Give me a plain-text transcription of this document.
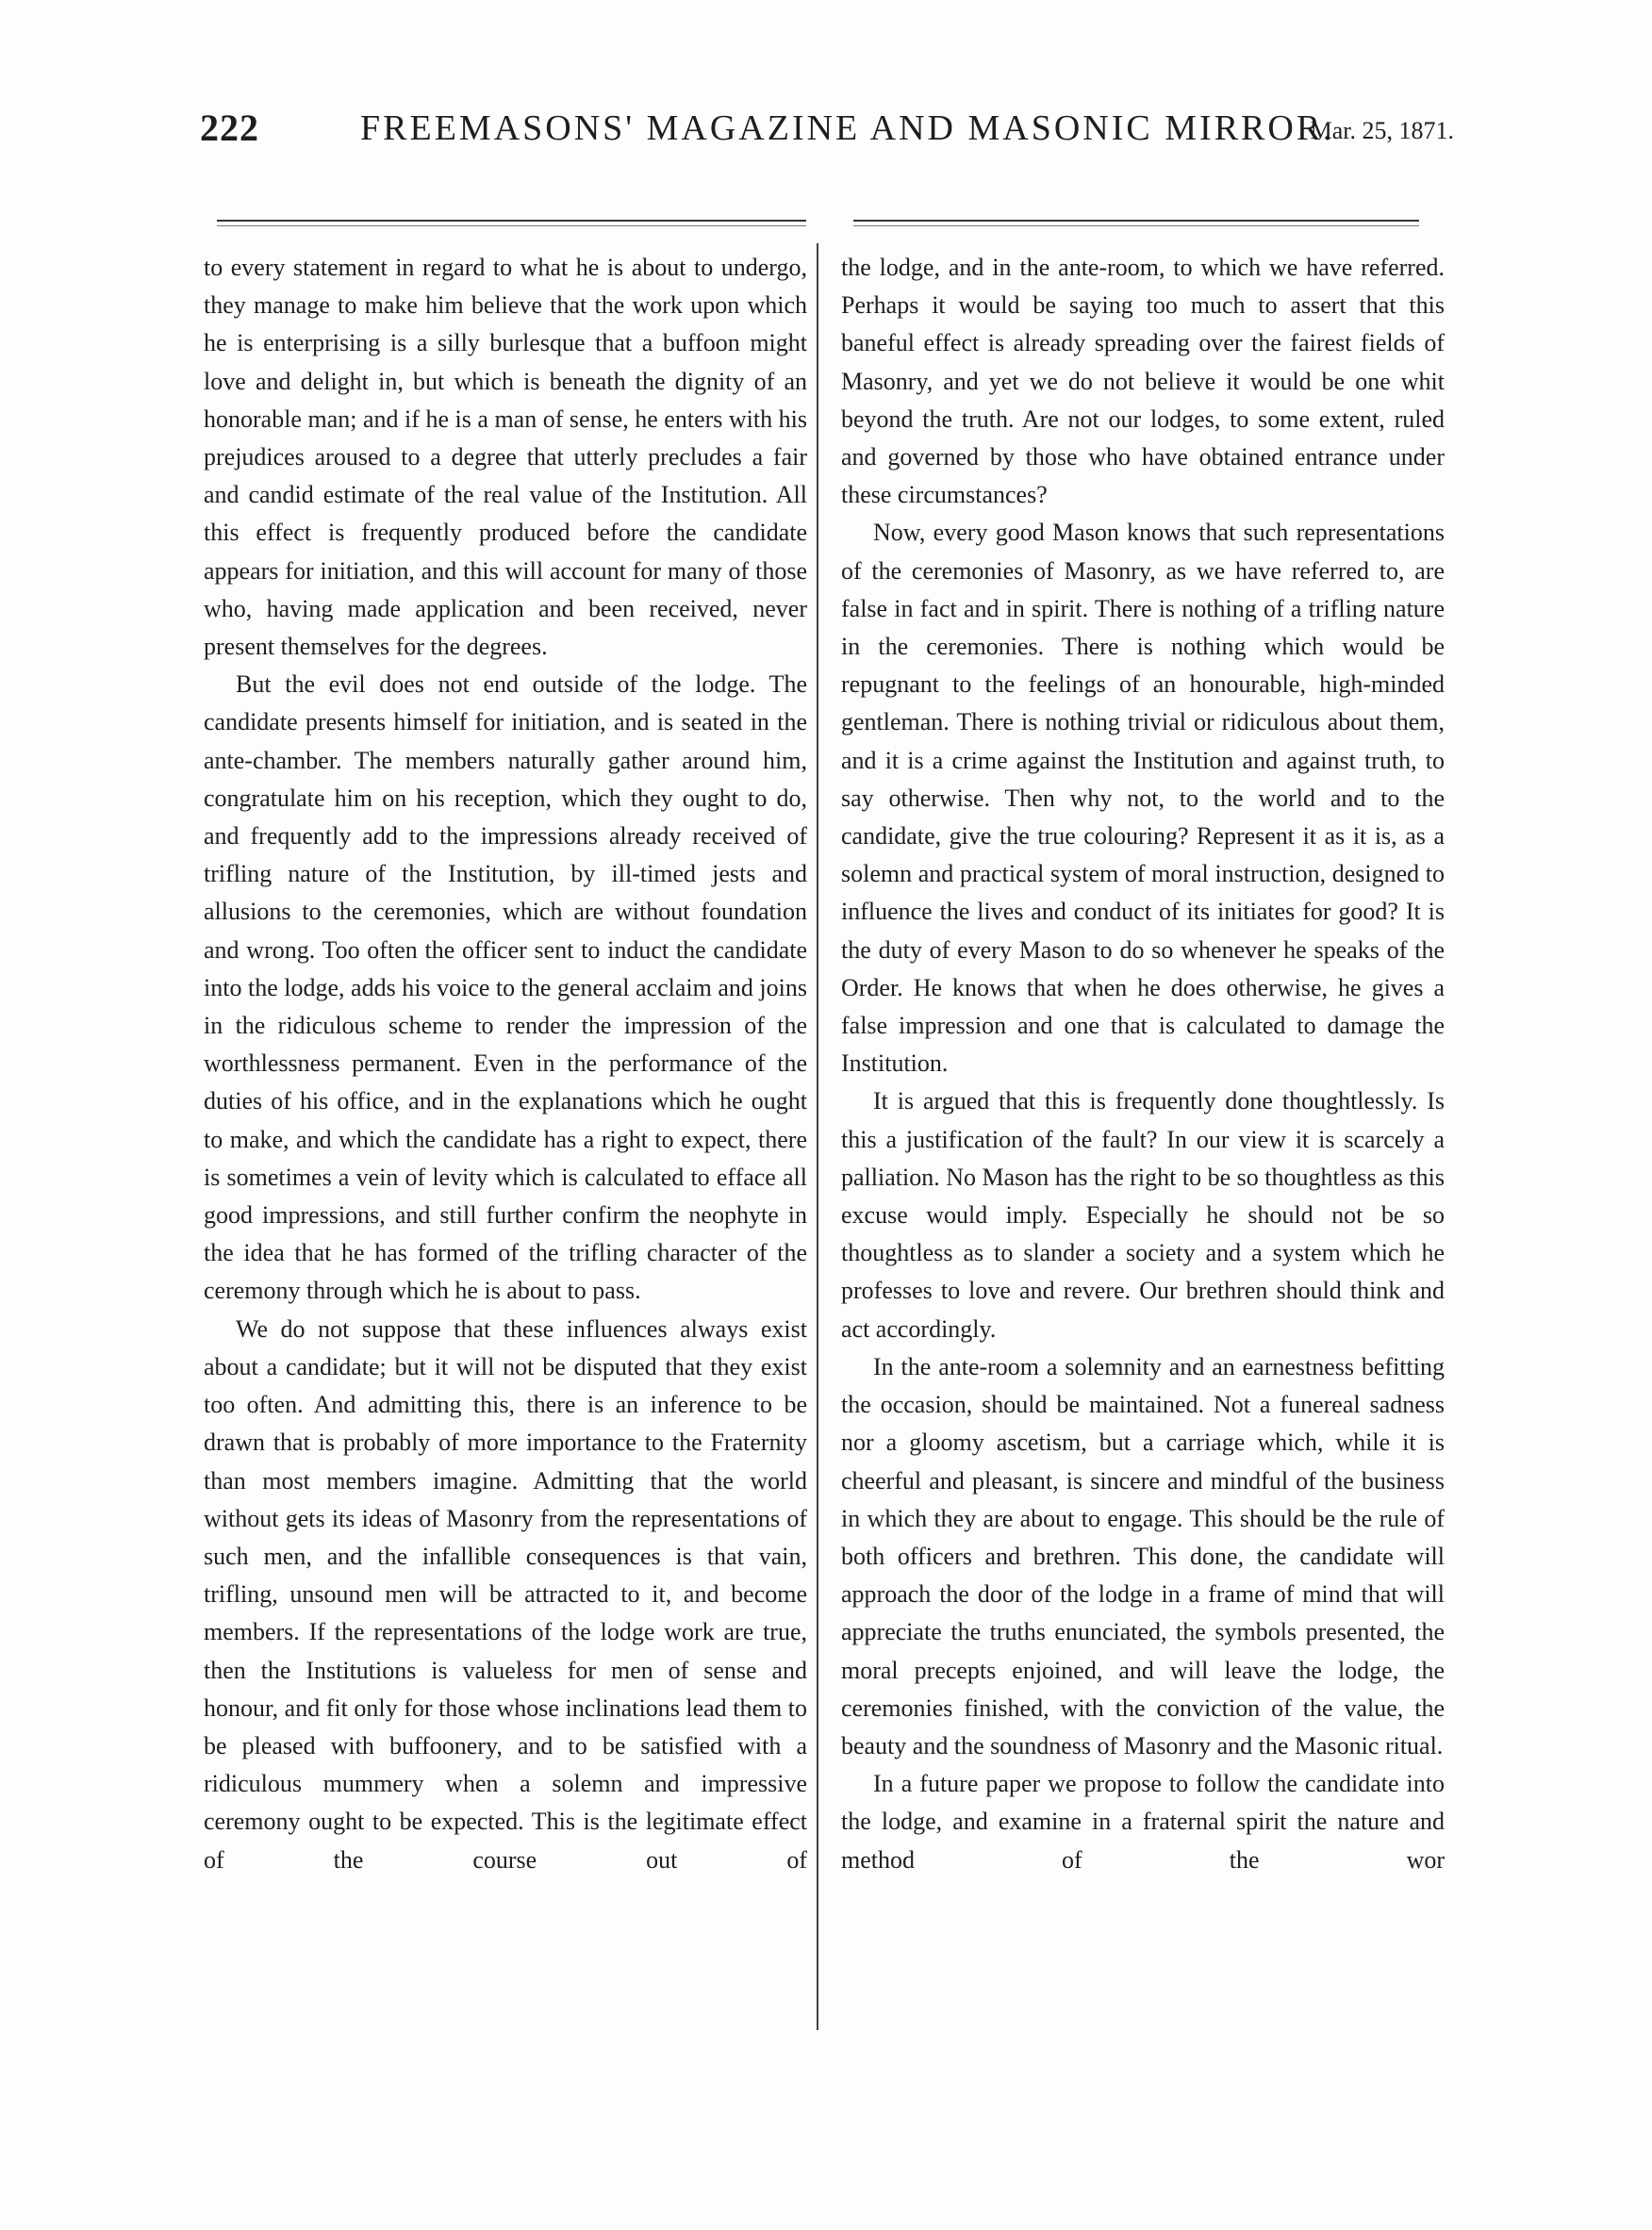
222	FREEMASONS' MAGAZINE AND MASONIC MIRROR.
Mar. 25, 1871.

to every statement in regard to what he is about to undergo, they manage to make him believe that the work upon which he is enterprising is a silly burlesque that a buffoon might love and delight in, but which is beneath the dignity of an honorable man; and if he is a man of sense, he enters with his prejudices aroused to a degree that utterly precludes a fair and candid estimate of the real value of the Institution. All this effect is frequently produced before the candidate appears for initiation, and this will account for many of those who, having made application and been received, never present themselves for the degrees.

But the evil does not end outside of the lodge. The candidate presents himself for initiation, and is seated in the ante-chamber. The members naturally gather around him, congratulate him on his reception, which they ought to do, and frequently add to the impressions already received of trifling nature of the Institution, by ill-timed jests and allusions to the ceremonies, which are without foundation and wrong. Too often the officer sent to induct the candidate into the lodge, adds his voice to the general acclaim and joins in the ridiculous scheme to render the impression of the worthlessness permanent. Even in the performance of the duties of his office, and in the explanations which he ought to make, and which the candidate has a right to expect, there is sometimes a vein of levity which is calculated to efface all good impressions, and still further confirm the neophyte in the idea that he has formed of the trifling character of the ceremony through which he is about to pass.

We do not suppose that these influences always exist about a candidate; but it will not be disputed that they exist too often. And admitting this, there is an inference to be drawn that is probably of more importance to the Fraternity than most members imagine. Admitting that the world without gets its ideas of Masonry from the representations of such men, and the infallible consequences is that vain, trifling, unsound men will be attracted to it, and become members. If the representations of the lodge work are true, then the Institutions is valueless for men of sense and honour, and fit only for those whose inclinations lead them to be pleased with buffoonery, and to be satisfied with a ridiculous mummery when a solemn and impressive ceremony ought to be expected. This is the legitimate effect of the course out of

the lodge, and in the ante-room, to which we have referred. Perhaps it would be saying too much to assert that this baneful effect is already spreading over the fairest fields of Masonry, and yet we do not believe it would be one whit beyond the truth. Are not our lodges, to some extent, ruled and governed by those who have obtained entrance under these circumstances?

Now, every good Mason knows that such representations of the ceremonies of Masonry, as we have referred to, are false in fact and in spirit. There is nothing of a trifling nature in the ceremonies. There is nothing which would be repugnant to the feelings of an honourable, high-minded gentleman. There is nothing trivial or ridiculous about them, and it is a crime against the Institution and against truth, to say otherwise. Then why not, to the world and to the candidate, give the true colouring? Represent it as it is, as a solemn and practical system of moral instruction, designed to influence the lives and conduct of its initiates for good? It is the duty of every Mason to do so whenever he speaks of the Order. He knows that when he does otherwise, he gives a false impression and one that is calculated to damage the Institution.

It is argued that this is frequently done thoughtlessly. Is this a justification of the fault? In our view it is scarcely a palliation. No Mason has the right to be so thoughtless as this excuse would imply. Especially he should not be so thoughtless as to slander a society and a system which he professes to love and revere. Our brethren should think and act accordingly.

In the ante-room a solemnity and an earnestness befitting the occasion, should be maintained. Not a funereal sadness nor a gloomy ascetism, but a carriage which, while it is cheerful and pleasant, is sincere and mindful of the business in which they are about to engage. This should be the rule of both officers and brethren. This done, the candidate will approach the door of the lodge in a frame of mind that will appreciate the truths enunciated, the symbols presented, the moral precepts enjoined, and will leave the lodge, the ceremonies finished, with the conviction of the value, the beauty and the soundness of Masonry and the Masonic ritual.

In a future paper we propose to follow the candidate into the lodge, and examine in a fraternal spirit the nature and method of the wor
